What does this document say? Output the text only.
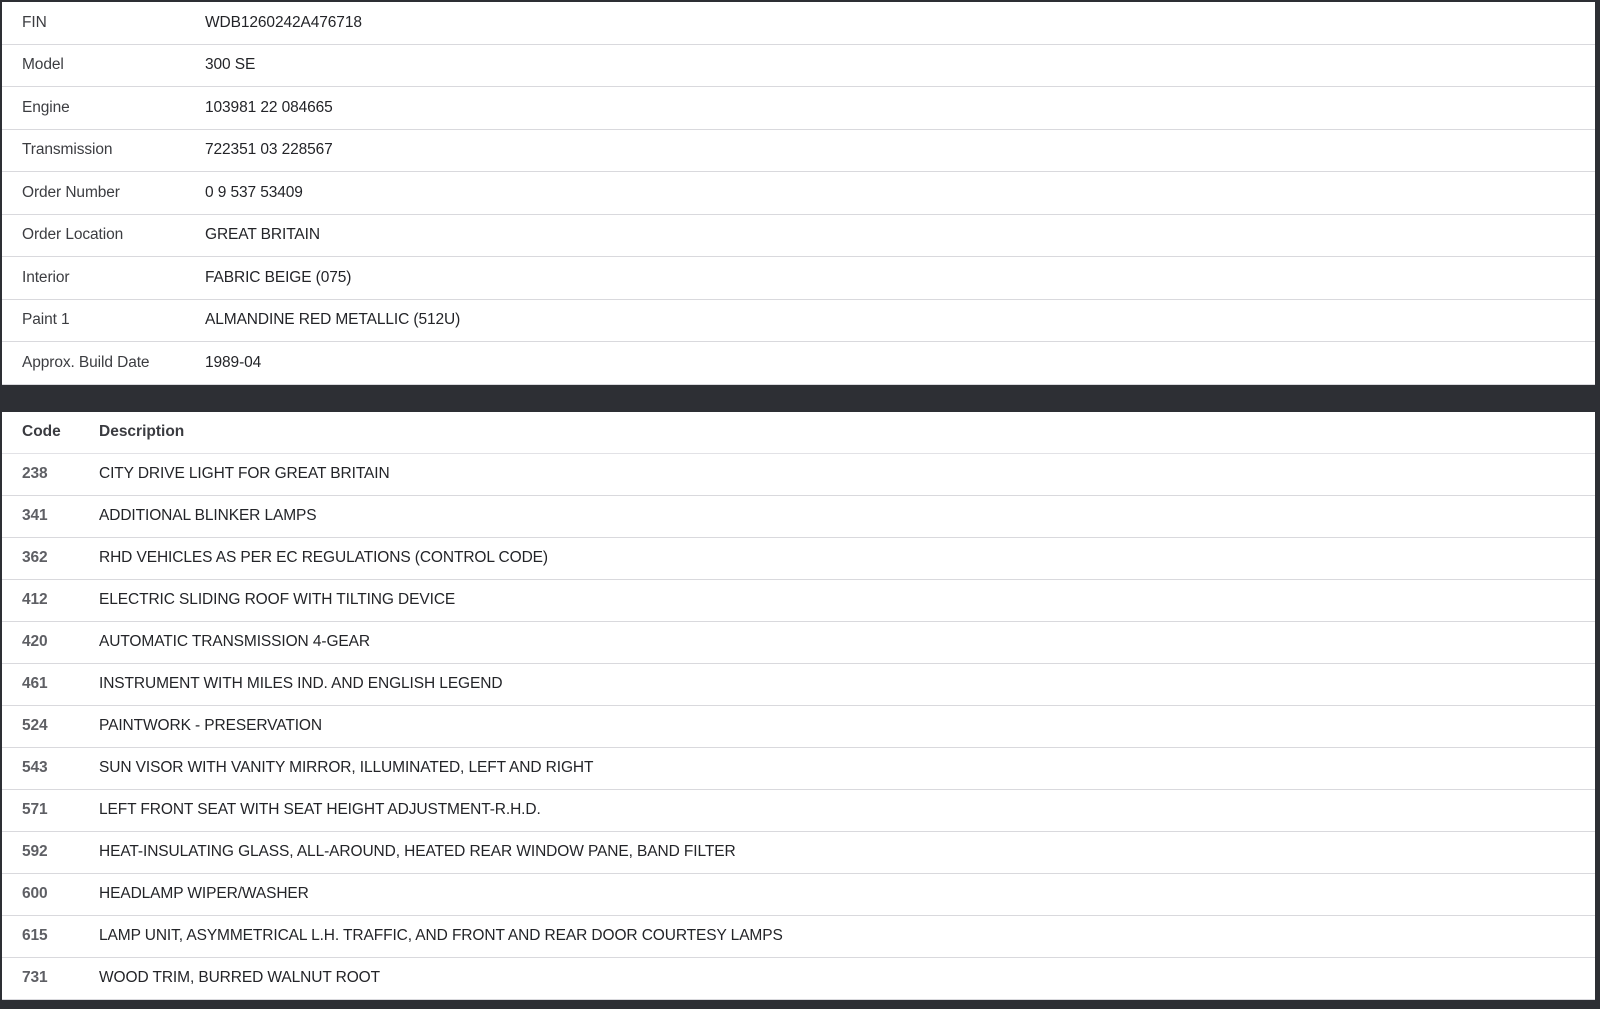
FIN	WDB1260242A476718
Model	300 SE
Engine	103981 22 084665
Transmission	722351 03 228567
Order Number	0 9 537 53409
Order Location	GREAT BRITAIN
Interior	FABRIC BEIGE (075)
Paint 1	ALMANDINE RED METALLIC (512U)
Approx. Build Date	1989-04
Code	Description
238	CITY DRIVE LIGHT FOR GREAT BRITAIN
341	ADDITIONAL BLINKER LAMPS
362	RHD VEHICLES AS PER EC REGULATIONS (CONTROL CODE)
412	ELECTRIC SLIDING ROOF WITH TILTING DEVICE
420	AUTOMATIC TRANSMISSION 4-GEAR
461	INSTRUMENT WITH MILES IND. AND ENGLISH LEGEND
524	PAINTWORK - PRESERVATION
543	SUN VISOR WITH VANITY MIRROR, ILLUMINATED, LEFT AND RIGHT
571	LEFT FRONT SEAT WITH SEAT HEIGHT ADJUSTMENT-R.H.D.
592	HEAT-INSULATING GLASS, ALL-AROUND, HEATED REAR WINDOW PANE, BAND FILTER
600	HEADLAMP WIPER/WASHER
615	LAMP UNIT, ASYMMETRICAL L.H. TRAFFIC, AND FRONT AND REAR DOOR COURTESY LAMPS
731	WOOD TRIM, BURRED WALNUT ROOT
